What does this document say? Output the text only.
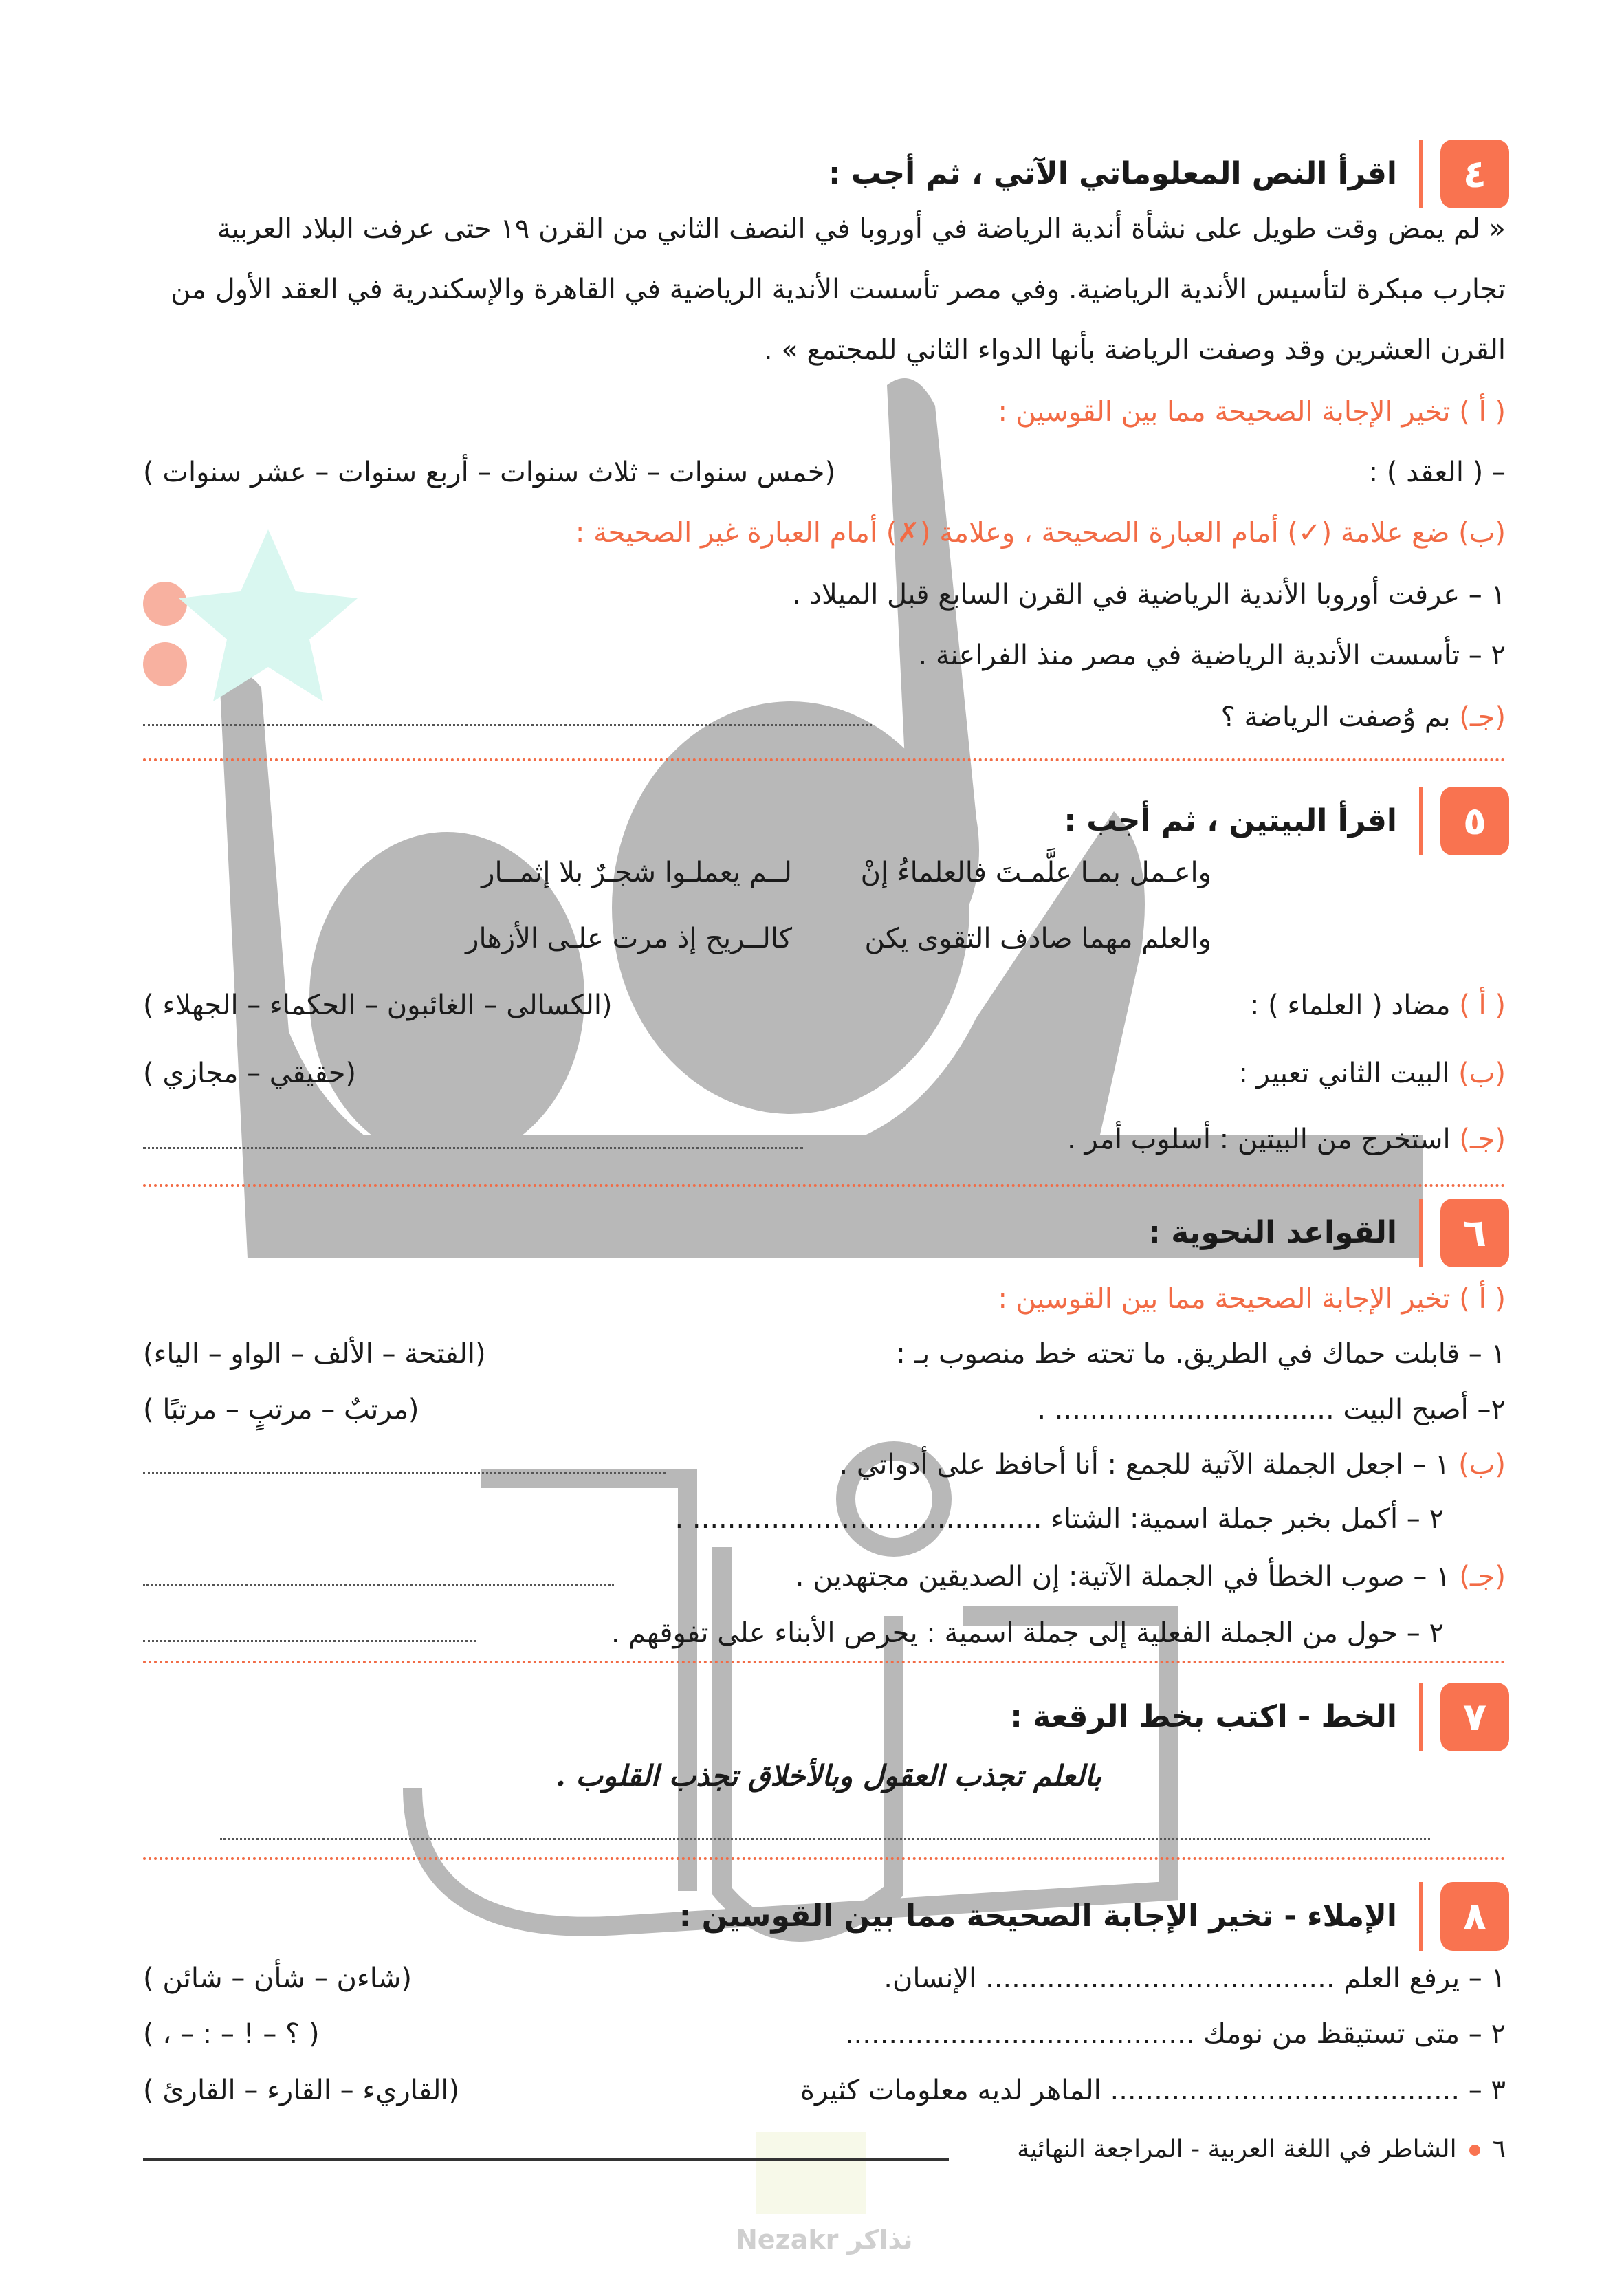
٤
اقرأ النص المعلوماتي الآتي ، ثم أجب :
« لم يمض وقت طويل على نشأة أندية الرياضة في أوروبا في النصف الثاني من القرن ١٩ حتى عرفت البلاد العربية
تجارب مبكرة لتأسيس الأندية الرياضية. وفي مصر تأسست الأندية الرياضية في القاهرة والإسكندرية في العقد الأول من
القرن العشرين وقد وصفت الرياضة بأنها الدواء الثاني للمجتمع » .
( أ ) تخير الإجابة الصحيحة مما بين القوسين :
– ( العقد ) :
(خمس سنوات – ثلاث سنوات – أربع سنوات – عشر سنوات )
(ب) ضع علامة (✓) أمام العبارة الصحيحة ، وعلامة (✗) أمام العبارة غير الصحيحة :
١ – عرفت أوروبا الأندية الرياضية في القرن السابع قبل الميلاد .
٢ – تأسست الأندية الرياضية في مصر منذ الفراعنة .
(جـ) بم وُصفت الرياضة ؟
٥
اقرأ البيتين ، ثم أجب :
واعـمل بمـا علَّمـتَ فالعلماءُ إنْ
لــم يعملـوا شجـرٌ بلا إثمــار
والعلم مهما صادف التقوى يكن
كالــريح إذ مرت علـى الأزهار
( أ ) مضاد ( العلماء ) :
(الكسالى – الغائبون – الحكماء – الجهلاء )
(ب) البيت الثاني تعبير :
(حقيقي – مجازي )
(جـ) استخرج من البيتين : أسلوب أمر .
٦
القواعد النحوية :
( أ ) تخير الإجابة الصحيحة مما بين القوسين :
١ – قابلت حماك في الطريق. ما تحته خط منصوب بـ :
(الفتحة – الألف – الواو – الياء)
٢– أصبح البيت ................................ .
(مرتبٌ – مرتبٍ – مرتبًا )
(ب) ١ – اجعل الجملة الآتية للجمع : أنا أحافظ على أدواتي .
٢ – أكمل بخبر جملة اسمية: الشتاء ........................................ .
(جـ) ١ – صوب الخطأ في الجملة الآتية: إن الصديقين مجتهدين .
٢ – حول من الجملة الفعلية إلى جملة اسمية : يحرص الأبناء على تفوقهم .
٧
الخط - اكتب بخط الرقعة :
بالعلم تجذب العقول وبالأخلاق تجذب القلوب .
٨
الإملاء - تخير الإجابة الصحيحة مما بين القوسين :
١ – يرفع العلم ........................................ الإنسان.
(شاءن – شأن – شائن )
٢ – متى تستيقظ من نومك ........................................
( ؟ – ! – : – ، )
٣ – ........................................ الماهر لديه معلومات كثيرة
(القاريء – القارء – القارئ )
٦الشاطر في اللغة العربية - المراجعة النهائية
Nezakr نذاكر
